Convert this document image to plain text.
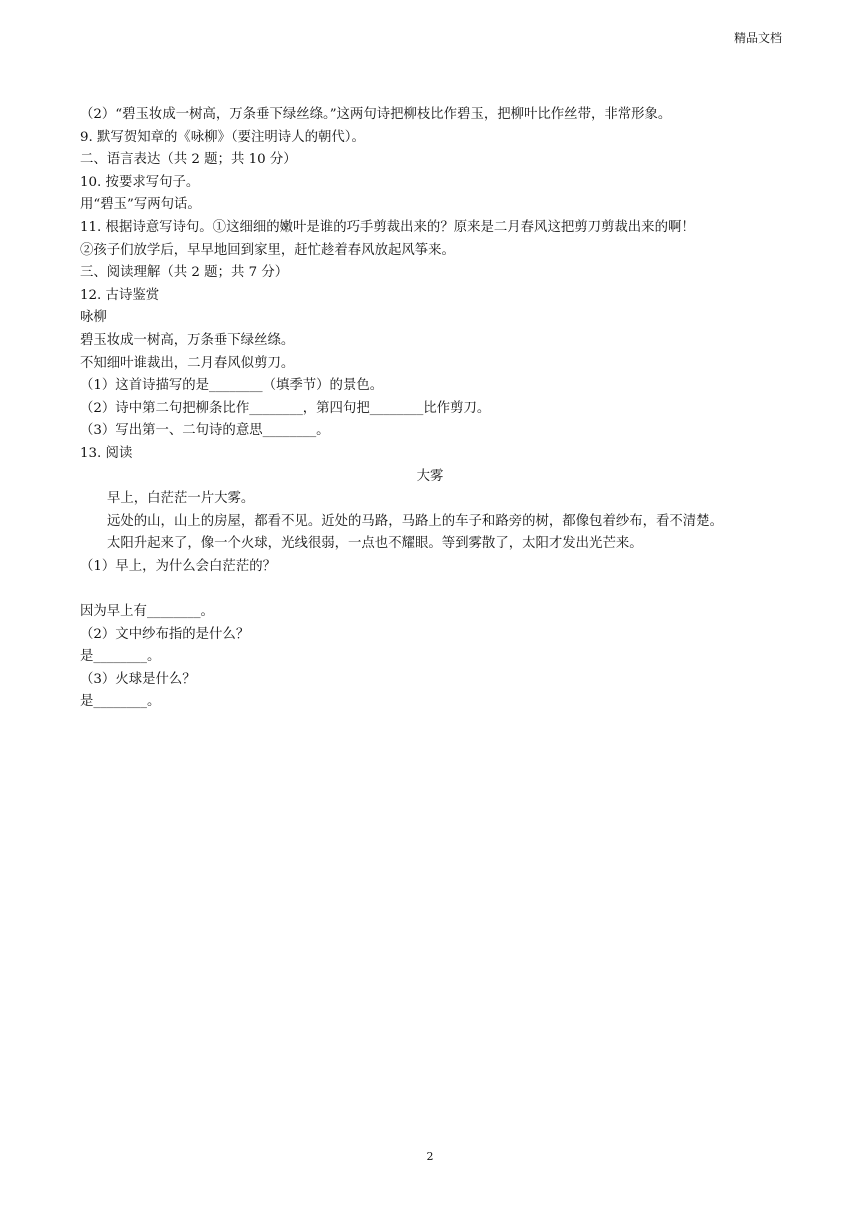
精品文档
（2）“碧玉妆成一树高，万条垂下绿丝绦。”这两句诗把柳枝比作碧玉，把柳叶比作丝带，非常形象。
9. 默写贺知章的《咏柳》（要注明诗人的朝代）。
二、语言表达（共 2 题；共 10 分）
10. 按要求写句子。
用“碧玉”写两句话。
11. 根据诗意写诗句。①这细细的嫩叶是谁的巧手剪裁出来的？原来是二月春风这把剪刀剪裁出来的啊！
②孩子们放学后，早早地回到家里，赶忙趁着春风放起风筝来。
三、阅读理解（共 2 题；共 7 分）
12. 古诗鉴赏
咏柳
碧玉妆成一树高，万条垂下绿丝绦。
不知细叶谁裁出，二月春风似剪刀。
（1）这首诗描写的是________（填季节）的景色。
（2）诗中第二句把柳条比作________，第四句把________比作剪刀。
（3）写出第一、二句诗的意思________。
13. 阅读
大雾
早上，白茫茫一片大雾。
远处的山，山上的房屋，都看不见。近处的马路，马路上的车子和路旁的树，都像包着纱布，看不清楚。
太阳升起来了，像一个火球，光线很弱，一点也不耀眼。等到雾散了，太阳才发出光芒来。
（1）早上，为什么会白茫茫的？
因为早上有________。
（2）文中纱布指的是什么？
是________。
（3）火球是什么？
是________。
2
